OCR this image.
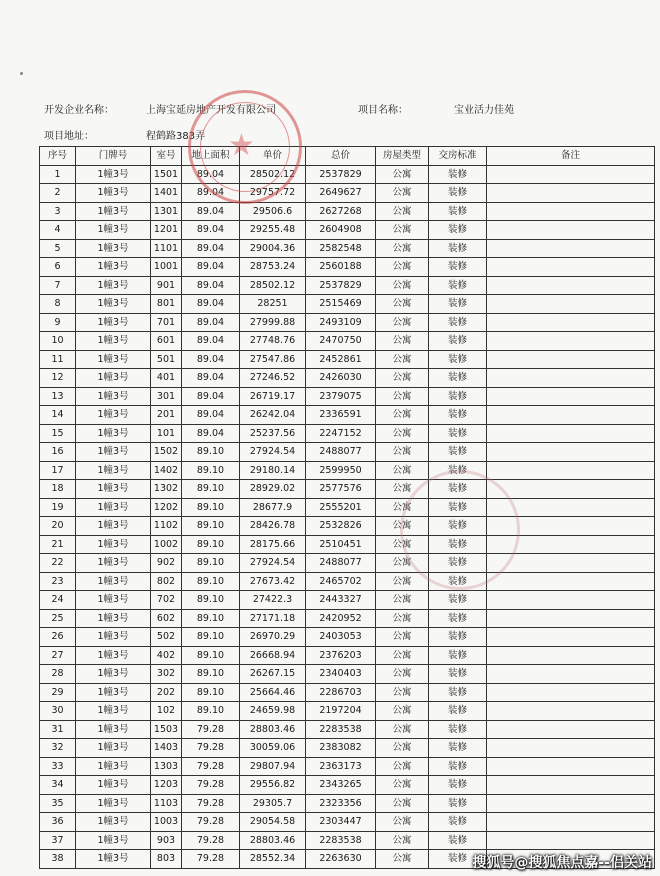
开发企业名称：	上海宝延房地产开发有限公司	项目名称：	宝业活力佳苑
项目地址：	程鹤路383弄
序号	门牌号	室号	地上面积	单价	总价	房屋类型	交房标准	备注
1	1幢3号	1501	89.04	28502.12	2537829	公寓	装修	
2	1幢3号	1401	89.04	29757.72	2649627	公寓	装修	
3	1幢3号	1301	89.04	29506.6	2627268	公寓	装修	
4	1幢3号	1201	89.04	29255.48	2604908	公寓	装修	
5	1幢3号	1101	89.04	29004.36	2582548	公寓	装修	
6	1幢3号	1001	89.04	28753.24	2560188	公寓	装修	
7	1幢3号	901	89.04	28502.12	2537829	公寓	装修	
8	1幢3号	801	89.04	28251	2515469	公寓	装修	
9	1幢3号	701	89.04	27999.88	2493109	公寓	装修	
10	1幢3号	601	89.04	27748.76	2470750	公寓	装修	
11	1幢3号	501	89.04	27547.86	2452861	公寓	装修	
12	1幢3号	401	89.04	27246.52	2426030	公寓	装修	
13	1幢3号	301	89.04	26719.17	2379075	公寓	装修	
14	1幢3号	201	89.04	26242.04	2336591	公寓	装修	
15	1幢3号	101	89.04	25237.56	2247152	公寓	装修	
16	1幢3号	1502	89.10	27924.54	2488077	公寓	装修	
17	1幢3号	1402	89.10	29180.14	2599950	公寓	装修	
18	1幢3号	1302	89.10	28929.02	2577576	公寓	装修	
19	1幢3号	1202	89.10	28677.9	2555201	公寓	装修	
20	1幢3号	1102	89.10	28426.78	2532826	公寓	装修	
21	1幢3号	1002	89.10	28175.66	2510451	公寓	装修	
22	1幢3号	902	89.10	27924.54	2488077	公寓	装修	
23	1幢3号	802	89.10	27673.42	2465702	公寓	装修	
24	1幢3号	702	89.10	27422.3	2443327	公寓	装修	
25	1幢3号	602	89.10	27171.18	2420952	公寓	装修	
26	1幢3号	502	89.10	26970.29	2403053	公寓	装修	
27	1幢3号	402	89.10	26668.94	2376203	公寓	装修	
28	1幢3号	302	89.10	26267.15	2340403	公寓	装修	
29	1幢3号	202	89.10	25664.46	2286703	公寓	装修	
30	1幢3号	102	89.10	24659.98	2197204	公寓	装修	
31	1幢3号	1503	79.28	28803.46	2283538	公寓	装修	
32	1幢3号	1403	79.28	30059.06	2383082	公寓	装修	
33	1幢3号	1303	79.28	29807.94	2363173	公寓	装修	
34	1幢3号	1203	79.28	29556.82	2343265	公寓	装修	
35	1幢3号	1103	79.28	29305.7	2323356	公寓	装修	
36	1幢3号	1003	79.28	29054.58	2303447	公寓	装修	
37	1幢3号	903	79.28	28803.46	2283538	公寓	装修	
38	1幢3号	803	79.28	28552.34	2263630	公寓	装修	
★
搜狐号@搜狐焦点嘉--侣关站
